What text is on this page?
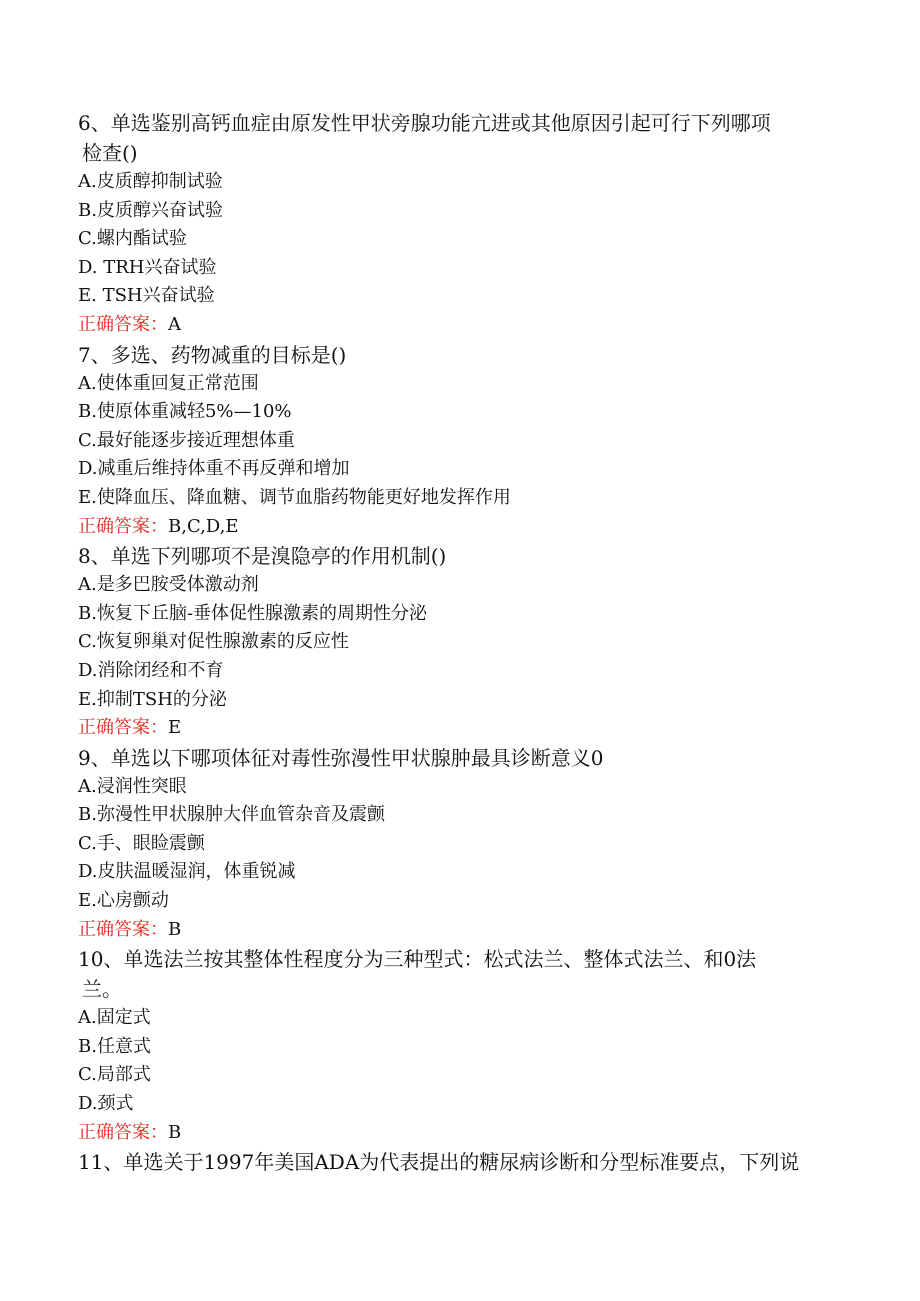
6、单选鉴别高钙血症由原发性甲状旁腺功能亢进或其他原因引起可行下列哪项

检查()

A.皮质醇抑制试验

B.皮质醇兴奋试验

C.螺内酯试验

D. TRH兴奋试验

E. TSH兴奋试验

正确答案：A

7、多选、药物减重的目标是()

A.使体重回复正常范围

B.使原体重减轻5%—10%

C.最好能逐步接近理想体重

D.减重后维持体重不再反弹和增加

E.使降血压、降血糖、调节血脂药物能更好地发挥作用

正确答案：B,C,D,E

8、单选下列哪项不是溴隐亭的作用机制()

A.是多巴胺受体激动剂

B.恢复下丘脑-垂体促性腺激素的周期性分泌

C.恢复卵巢对促性腺激素的反应性

D.消除闭经和不育

E.抑制TSH的分泌

正确答案：E

9、单选以下哪项体征对毒性弥漫性甲状腺肿最具诊断意义0

A.浸润性突眼

B.弥漫性甲状腺肿大伴血管杂音及震颤

C.手、眼睑震颤

D.皮肤温暖湿润，体重锐减

E.心房颤动

正确答案：B

10、单选法兰按其整体性程度分为三种型式：松式法兰、整体式法兰、和0法

兰。

A.固定式

B.任意式

C.局部式

D.颈式

正确答案：B

11、单选关于1997年美国ADA为代表提出的糖尿病诊断和分型标准要点，下列说
